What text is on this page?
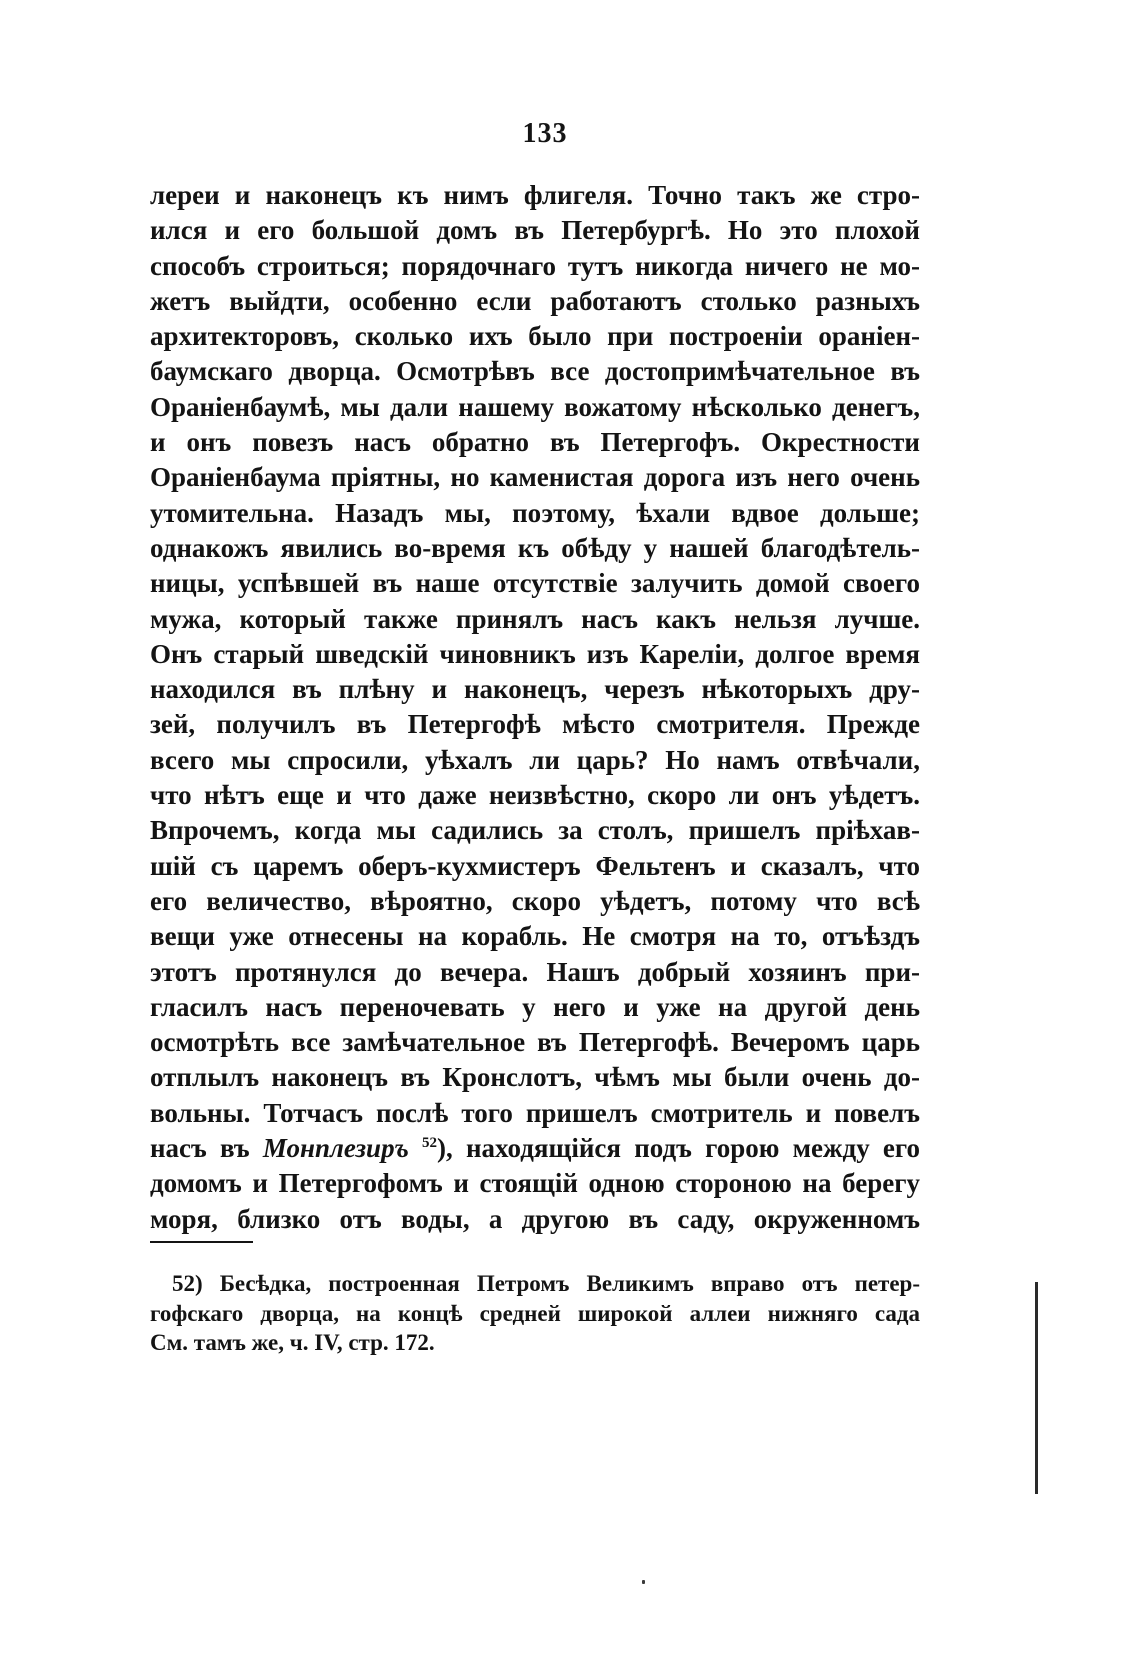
133
лереи и наконецъ къ нимъ флигеля. Точно такъ же стро-
ился и его большой домъ въ Петербургѣ. Но это плохой
способъ строиться; порядочнаго тутъ никогда ничего не мо-
жетъ выйдти, особенно если работаютъ столько разныхъ
архитекторовъ, сколько ихъ было при построеніи ораніен-
баумскаго дворца. Осмотрѣвъ все достопримѣчательное въ
Ораніенбаумѣ, мы дали нашему вожатому нѣсколько денегъ,
и онъ повезъ насъ обратно въ Петергофъ. Окрестности
Ораніенбаума пріятны, но каменистая дорога изъ него очень
утомительна. Назадъ мы, поэтому, ѣхали вдвое дольше;
однакожъ явились во-время къ обѣду у нашей благодѣтель-
ницы, успѣвшей въ наше отсутствіе залучить домой своего
мужа, который также принялъ насъ какъ нельзя лучше.
Онъ старый шведскій чиновникъ изъ Кареліи, долгое время
находился въ плѣну и наконецъ, черезъ нѣкоторыхъ дру-
зей, получилъ въ Петергофѣ мѣсто смотрителя. Прежде
всего мы спросили, уѣхалъ ли царь? Но намъ отвѣчали,
что нѣтъ еще и что даже неизвѣстно, скоро ли онъ уѣдетъ.
Впрочемъ, когда мы садились за столъ, пришелъ пріѣхав-
шій съ царемъ оберъ-кухмистеръ Фельтенъ и сказалъ, что
его величество, вѣроятно, скоро уѣдетъ, потому что всѣ
вещи уже отнесены на корабль. Не смотря на то, отъѣздъ
этотъ протянулся до вечера. Нашъ добрый хозяинъ при-
гласилъ насъ переночевать у него и уже на другой день
осмотрѣть все замѣчательное въ Петергофѣ. Вечеромъ царь
отплылъ наконецъ въ Кронслотъ, чѣмъ мы были очень до-
вольны. Тотчасъ послѣ того пришелъ смотритель и повелъ
насъ въ Монплезиръ $^{52}$), находящійся подъ горою между его
домомъ и Петергофомъ и стоящій одною стороною на берегу
моря, близко отъ воды, а другою въ саду, окруженномъ
52) Бесѣдка, построенная Петромъ Великимъ вправо отъ петер-
гофскаго дворца, на концѣ средней широкой аллеи нижняго сада
См. тамъ же, ч. IV, стр. 172.
